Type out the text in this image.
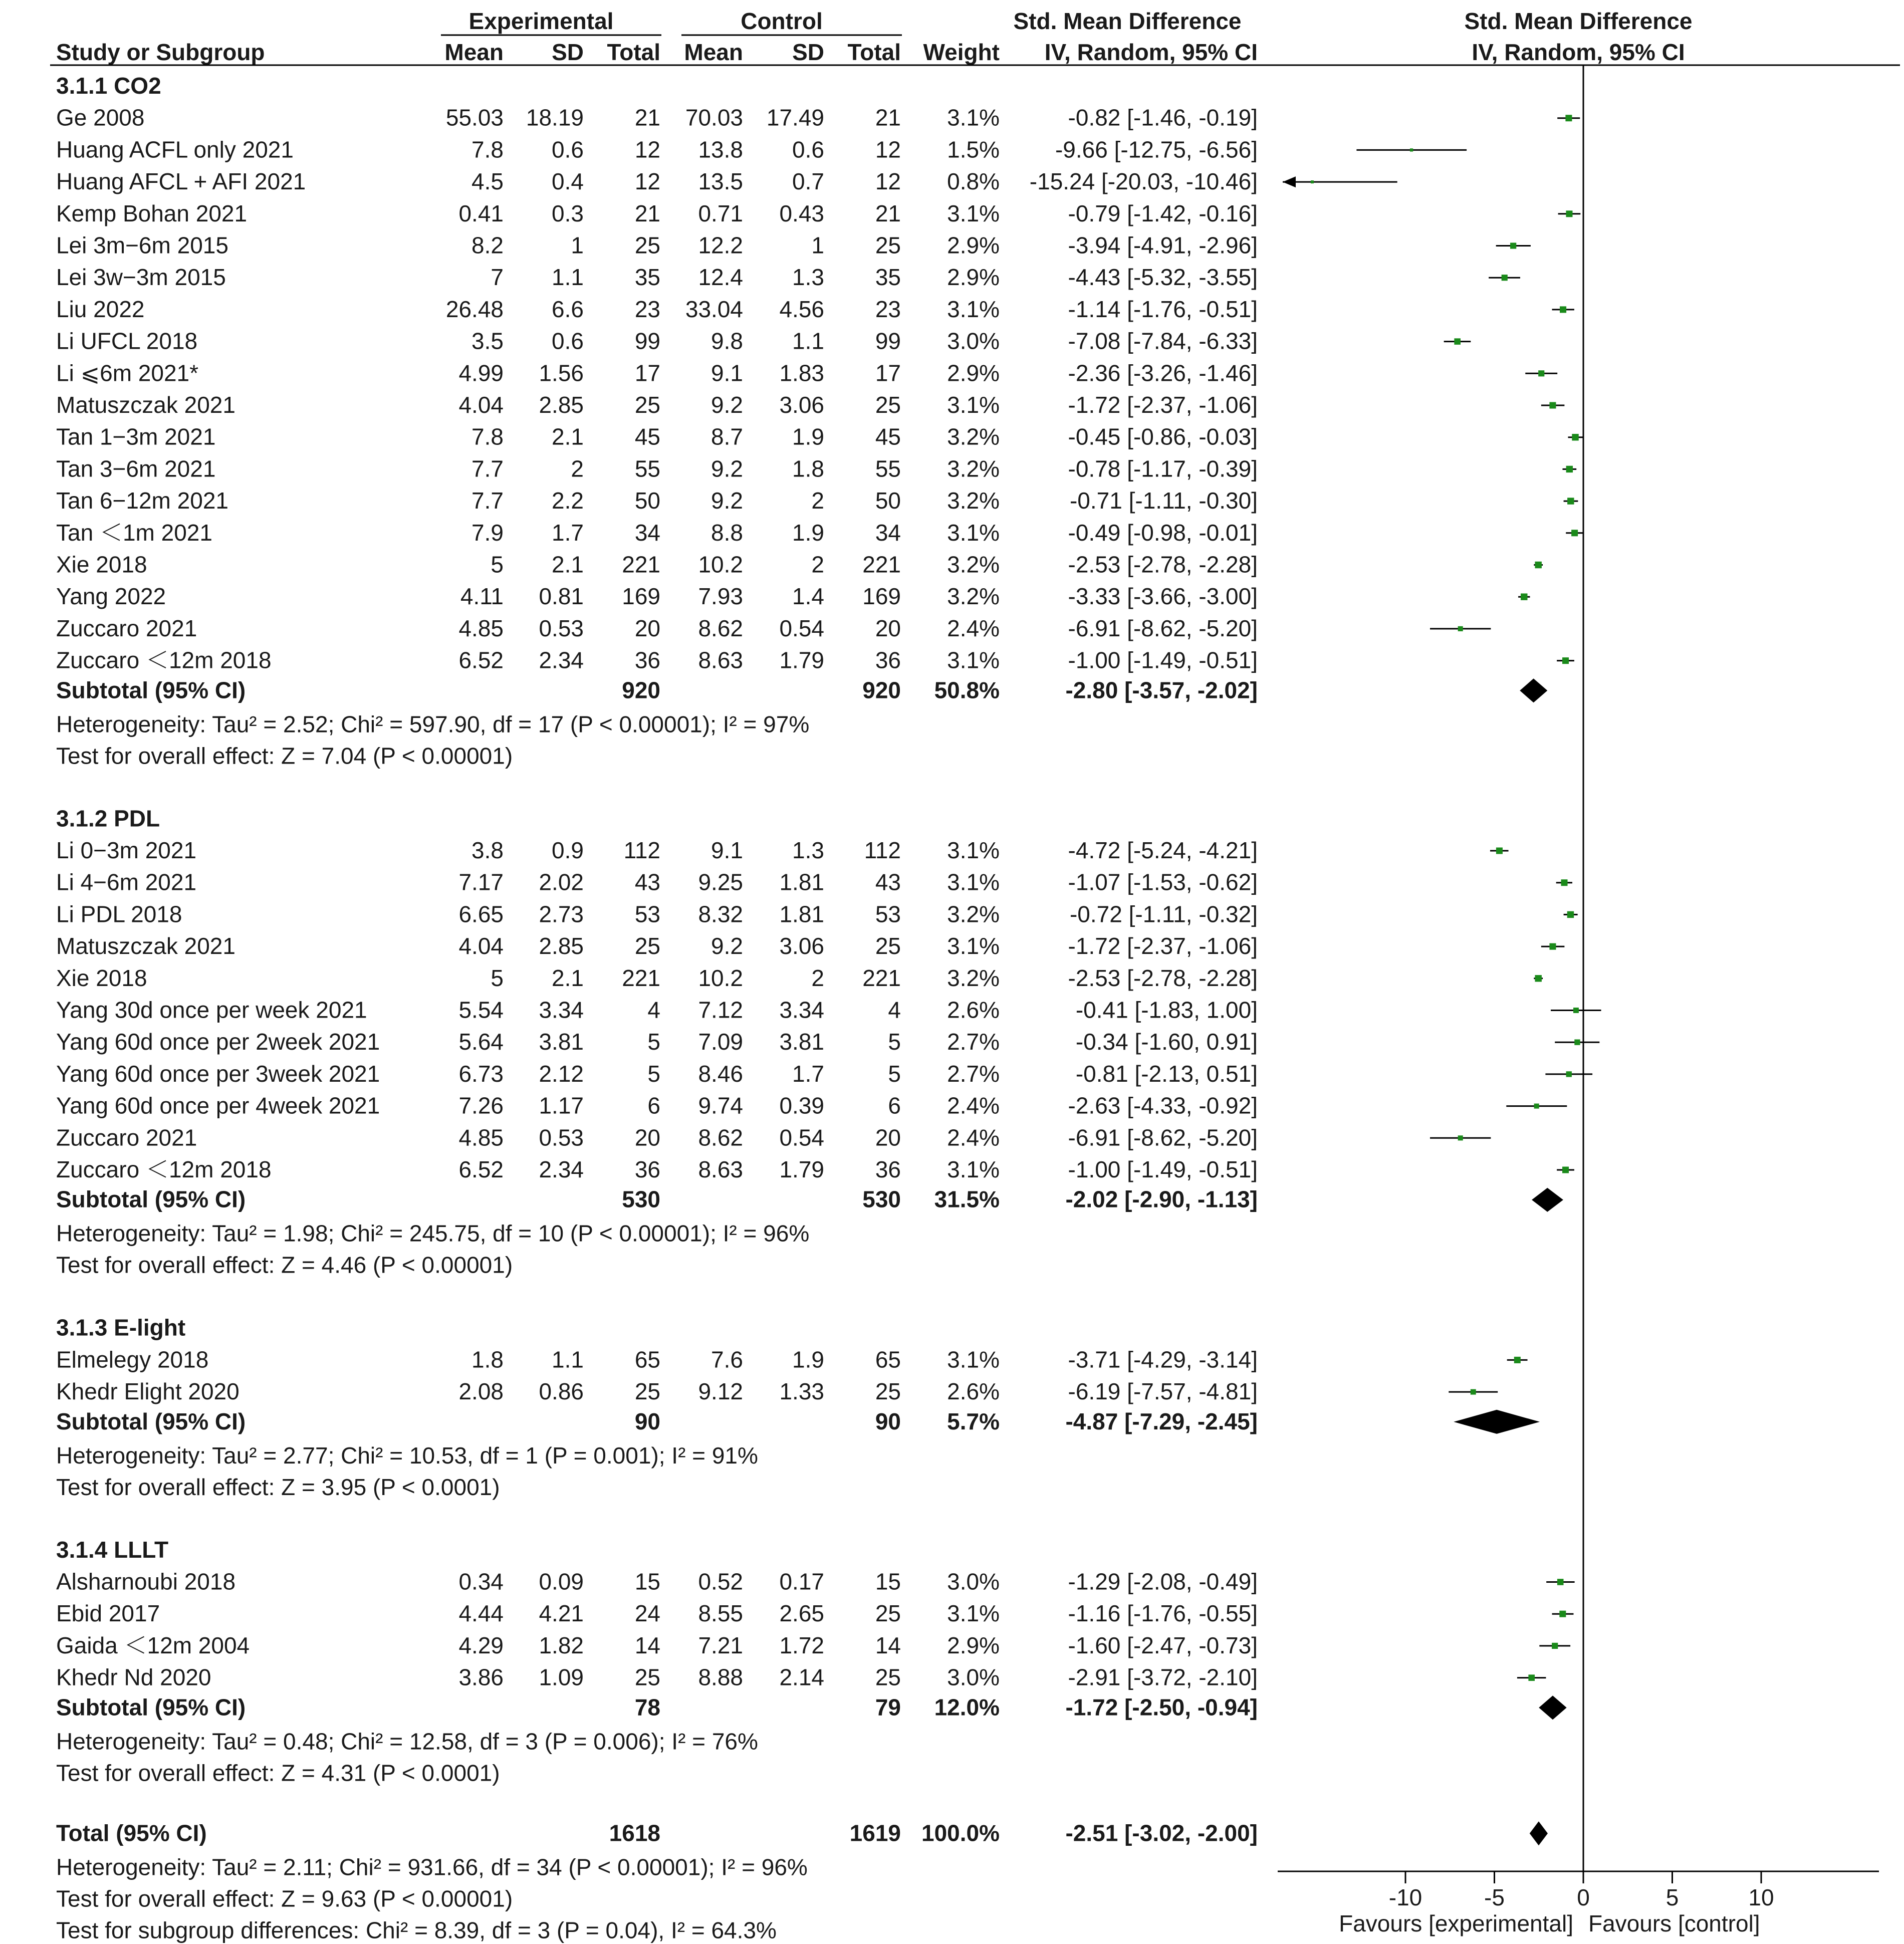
Experimental	Control	Std. Mean Difference	Std. Mean Difference
Study or Subgroup	Mean SD Total Mean SD Total Weight IV, Random, 95% CI	IV, Random, 95% CI
3.1.1 CO2
Ge 2008	55.03 18.19 21 70.03 17.49 21 3.1%	-0.82 [-1.46, -0.19]
Huang ACFL only 2021	7.8 0.6 12 13.8 0.6 12 1.5% -9.66 [-12.75, -6.56]
Huang AFCL + AFI 2021	4.5 0.4 12 13.5 0.7 12 0.8% -15.24 [-20.03, -10.46]
Kemp Bohan 2021	0.41 0.3 21 0.71 0.43 21 3.1%	-0.79 [-1.42, -0.16]
Lei 3m−6m 2015	8.2	1 25 12.2	1 25 2.9%	-3.94 [-4.91, -2.96]
Lei 3w−3m 2015	7 1.1 35 12.4 1.3 35 2.9%	-4.43 [-5.32, -3.55]
Liu 2022	26.48 6.6 23 33.04 4.56 23 3.1%	-1.14 [-1.76, -0.51]
Li UFCL 2018	3.5 0.6 99 9.8 1.1 99 3.0%	-7.08 [-7.84, -6.33]
Li ⩽6m 2021*	4.99 1.56 17 9.1 1.83 17 2.9%	-2.36 [-3.26, -1.46]
Matuszczak 2021	4.04 2.85 25 9.2 3.06 25 3.1%	-1.72 [-2.37, -1.06]
Tan 1−3m 2021	7.8 2.1 45 8.7 1.9 45 3.2%	-0.45 [-0.86, -0.03]
Tan 3−6m 2021	7.7	2 55 9.2 1.8 55 3.2%	-0.78 [-1.17, -0.39]
Tan 6−12m 2021	7.7 2.2 50 9.2	2 50 3.2%	-0.71 [-1.11, -0.30]
Tan ＜1m 2021	7.9 1.7 34 8.8 1.9 34 3.1%	-0.49 [-0.98, -0.01]
Xie 2018	5 2.1 221 10.2	2 221 3.2%	-2.53 [-2.78, -2.28]
Yang 2022	4.11 0.81 169 7.93 1.4 169 3.2%	-3.33 [-3.66, -3.00]
Zuccaro 2021	4.85 0.53 20 8.62 0.54 20 2.4%	-6.91 [-8.62, -5.20]
Zuccaro ＜12m 2018	6.52 2.34 36 8.63 1.79 36 3.1%	-1.00 [-1.49, -0.51]
Subtotal (95% CI)	920	920 50.8%	-2.80 [-3.57, -2.02]
Heterogeneity: Tau² = 2.52; Chi² = 597.90, df = 17 (P < 0.00001); I² = 97%
Test for overall effect: Z = 7.04 (P < 0.00001)
3.1.2 PDL
Li 0−3m 2021	3.8 0.9 112 9.1 1.3 112 3.1%	-4.72 [-5.24, -4.21]
Li 4−6m 2021	7.17 2.02 43 9.25 1.81 43 3.1%	-1.07 [-1.53, -0.62]
Li PDL 2018	6.65 2.73 53 8.32 1.81 53 3.2%	-0.72 [-1.11, -0.32]
Matuszczak 2021	4.04 2.85 25 9.2 3.06 25 3.1%	-1.72 [-2.37, -1.06]
Xie 2018	5 2.1 221 10.2	2 221 3.2%	-2.53 [-2.78, -2.28]
Yang 30d once per week 2021	5.54 3.34	4 7.12 3.34	4 2.6%	-0.41 [-1.83, 1.00]
Yang 60d once per 2week 2021	5.64 3.81	5 7.09 3.81	5 2.7%	-0.34 [-1.60, 0.91]
Yang 60d once per 3week 2021	6.73 2.12	5 8.46 1.7	5 2.7%	-0.81 [-2.13, 0.51]
Yang 60d once per 4week 2021	7.26 1.17	6 9.74 0.39	6 2.4%	-2.63 [-4.33, -0.92]
Zuccaro 2021	4.85 0.53 20 8.62 0.54 20 2.4%	-6.91 [-8.62, -5.20]
Zuccaro ＜12m 2018	6.52 2.34 36 8.63 1.79 36 3.1%	-1.00 [-1.49, -0.51]
Subtotal (95% CI)	530	530 31.5%	-2.02 [-2.90, -1.13]
Heterogeneity: Tau² = 1.98; Chi² = 245.75, df = 10 (P < 0.00001); I² = 96%
Test for overall effect: Z = 4.46 (P < 0.00001)
3.1.3 E-light
Elmelegy 2018	1.8 1.1 65 7.6 1.9 65 3.1%	-3.71 [-4.29, -3.14]
Khedr Elight 2020	2.08 0.86 25 9.12 1.33 25 2.6%	-6.19 [-7.57, -4.81]
Subtotal (95% CI)	90	90 5.7%	-4.87 [-7.29, -2.45]
Heterogeneity: Tau² = 2.77; Chi² = 10.53, df = 1 (P = 0.001); I² = 91%
Test for overall effect: Z = 3.95 (P < 0.0001)
3.1.4 LLLT
Alsharnoubi 2018	0.34 0.09 15 0.52 0.17 15 3.0%	-1.29 [-2.08, -0.49]
Ebid 2017	4.44 4.21 24 8.55 2.65 25 3.1%	-1.16 [-1.76, -0.55]
Gaida ＜12m 2004	4.29 1.82 14 7.21 1.72 14 2.9%	-1.60 [-2.47, -0.73]
Khedr Nd 2020	3.86 1.09 25 8.88 2.14 25 3.0%	-2.91 [-3.72, -2.10]
Subtotal (95% CI)	78	79 12.0%	-1.72 [-2.50, -0.94]
Heterogeneity: Tau² = 0.48; Chi² = 12.58, df = 3 (P = 0.006); I² = 76%
Test for overall effect: Z = 4.31 (P < 0.0001)
Total (95% CI)	1618	1619 100.0%	-2.51 [-3.02, -2.00]
Heterogeneity: Tau² = 2.11; Chi² = 931.66, df = 34 (P < 0.00001); I² = 96%
Test for overall effect: Z = 9.63 (P < 0.00001)
Test for subgroup differences: Chi² = 8.39, df = 3 (P = 0.04), I² = 64.3%
-10	-5	0	5	10
Favours [experimental] Favours [control]
